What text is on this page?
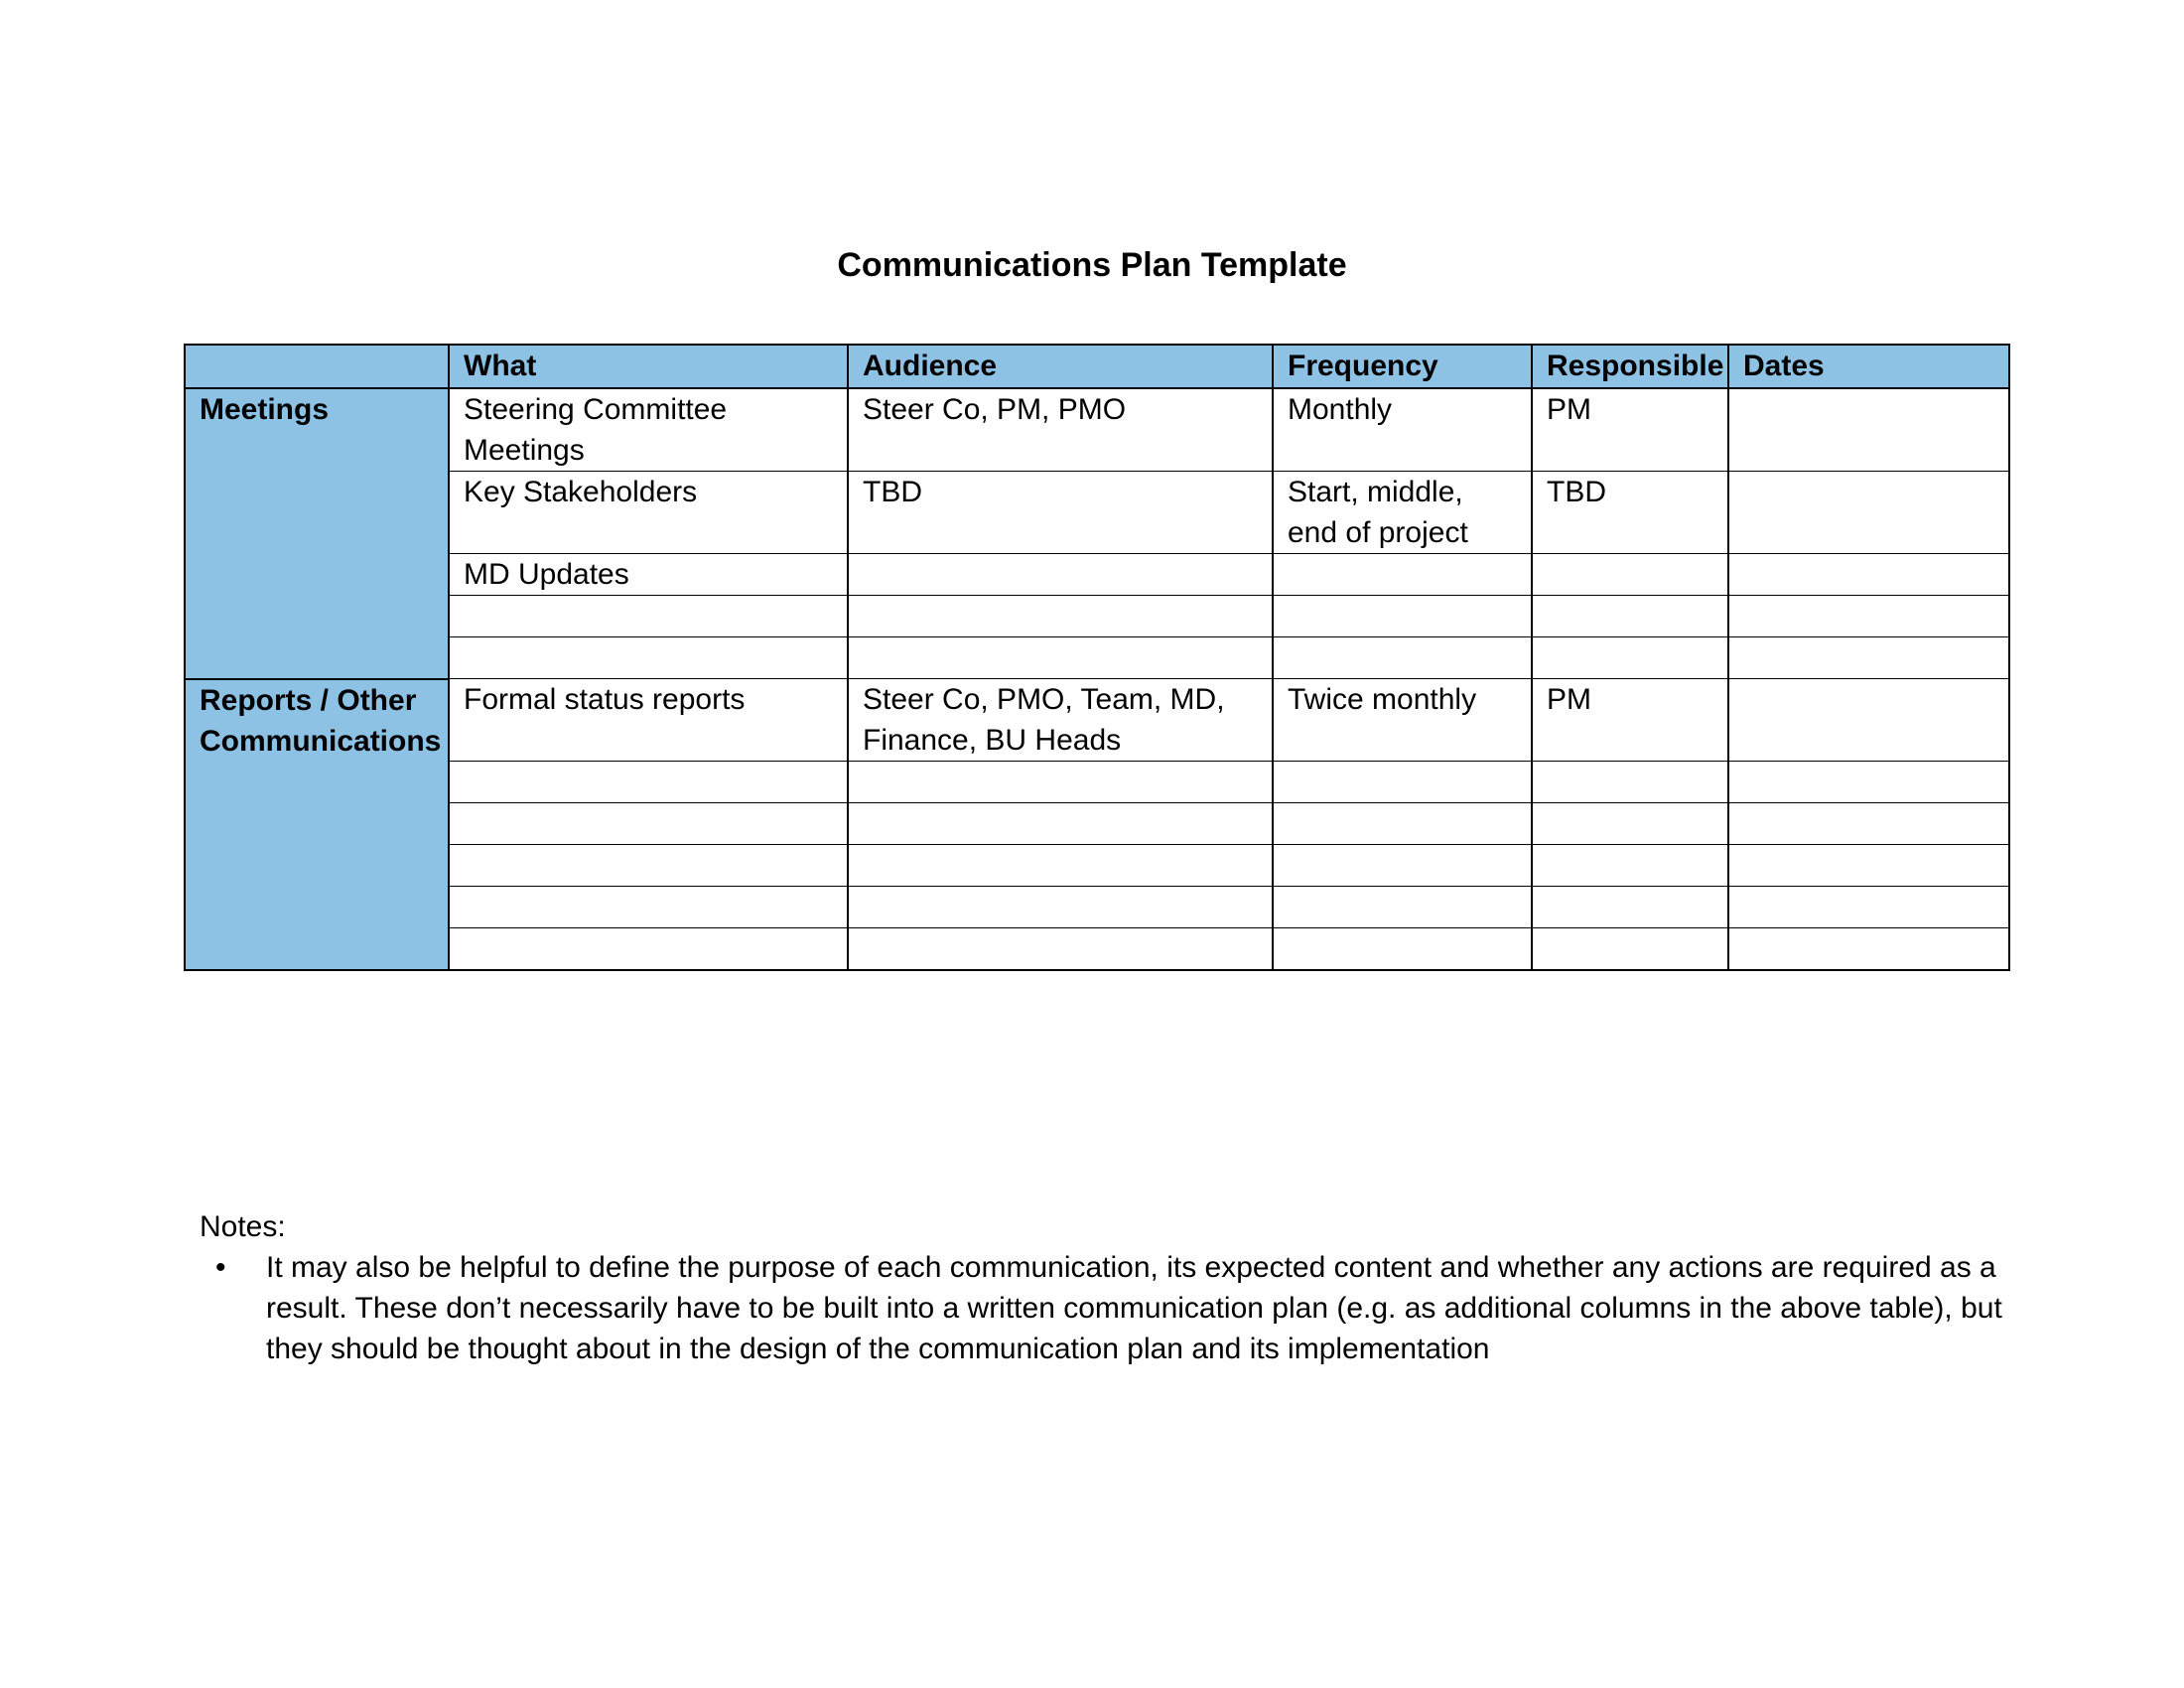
Communications Plan Template
	What	Audience	Frequency	Responsible	Dates
Meetings	Steering Committee Meetings	Steer Co, PM, PMO	Monthly	PM	
	Key Stakeholders	TBD	Start, middle, end of project	TBD	
	MD Updates				

Reports / Other Communications	Formal status reports	Steer Co, PMO, Team, MD, Finance, BU Heads	Twice monthly	PM	

Notes:
• It may also be helpful to define the purpose of each communication, its expected content and whether any actions are required as a result. These don’t necessarily have to be built into a written communication plan (e.g. as additional columns in the above table), but they should be thought about in the design of the communication plan and its implementation
